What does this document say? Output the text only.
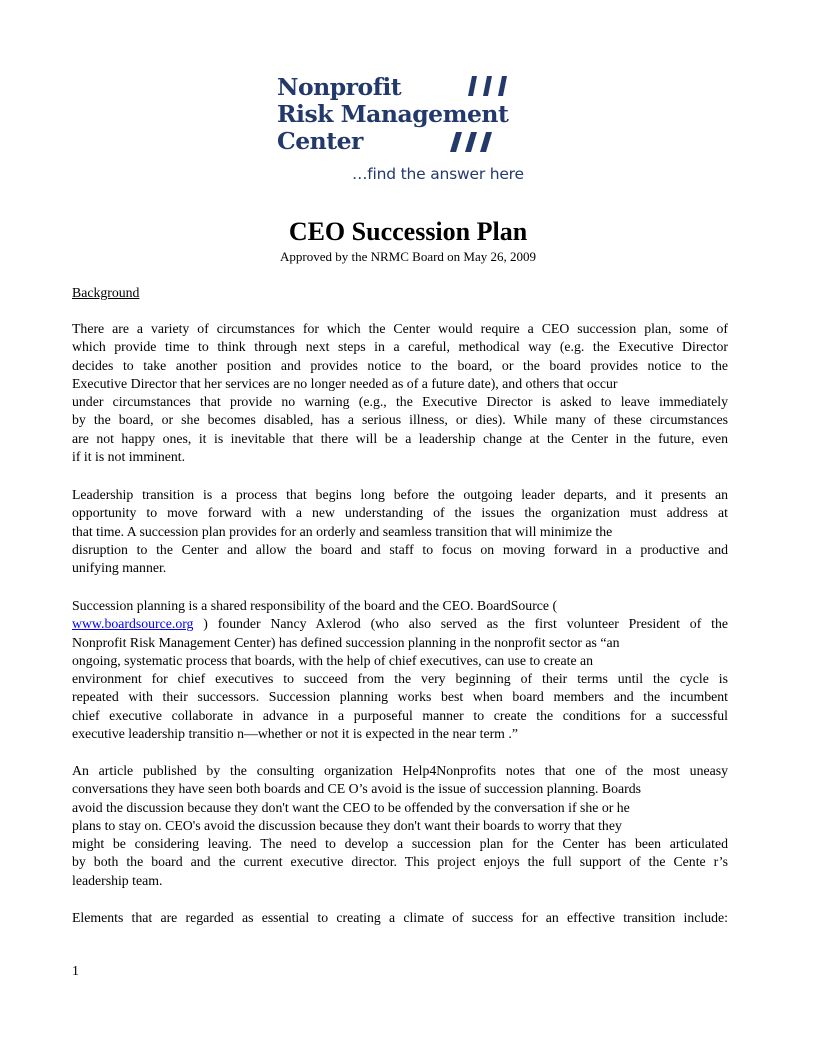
Nonprofit
Risk Management
Center
…find the answer here
CEO Succession Plan
Approved by the NRMC Board on May 26, 2009
Background
There are a variety of circumstances for which the Center would require a CEO succession plan, some of
which provide time to think through next steps in a careful, methodical way (e.g. the Executive Director
decides to take another position and provides notice to the board, or the board provides notice to the
Executive Director that her services are no longer needed as of a future date), and others that occur
under circumstances that provide no warning (e.g., the Executive Director is asked to leave immediately
by the board, or she becomes disabled, has a serious illness, or dies). While many of these circumstances
are not happy ones, it is inevitable that there will be a leadership change at the Center in the future, even
if it is not imminent.
Leadership transition is a process that begins long before the outgoing leader departs, and it presents an
opportunity to move forward with a new understanding of the issues the organization must address at
that time. A succession plan provides for an orderly and seamless transition that will minimize the
disruption to the Center and allow the board and staff to focus on moving forward in a productive and
unifying manner.
Succession planning is a shared responsibility of the board and the CEO. BoardSource (
www.boardsource.org ) founder Nancy Axlerod (who also served as the first volunteer President of the
Nonprofit Risk Management Center) has defined succession planning in the nonprofit sector as “an
ongoing, systematic process that boards, with the help of chief executives, can use to create an
environment for chief executives to succeed from the very beginning of their terms until the cycle is
repeated with their successors. Succession planning works best when board members and the incumbent
chief executive collaborate in advance in a purposeful manner to create the conditions for a successful
executive leadership transitio n—whether or not it is expected in the near term .”
An article published by the consulting organization Help4Nonprofits notes that one of the most uneasy
conversations they have seen both boards and CE O’s avoid is the issue of succession planning. Boards
avoid the discussion because they don't want the CEO to be offended by the conversation if she or he
plans to stay on. CEO's avoid the discussion because they don't want their boards to worry that they
might be considering leaving. The need to develop a succession plan for the Center has been articulated
by both the board and the current executive director. This project enjoys the full support of the Cente r’s
leadership team.
Elements that are regarded as essential to creating a climate of success for an effective transition include:
1
